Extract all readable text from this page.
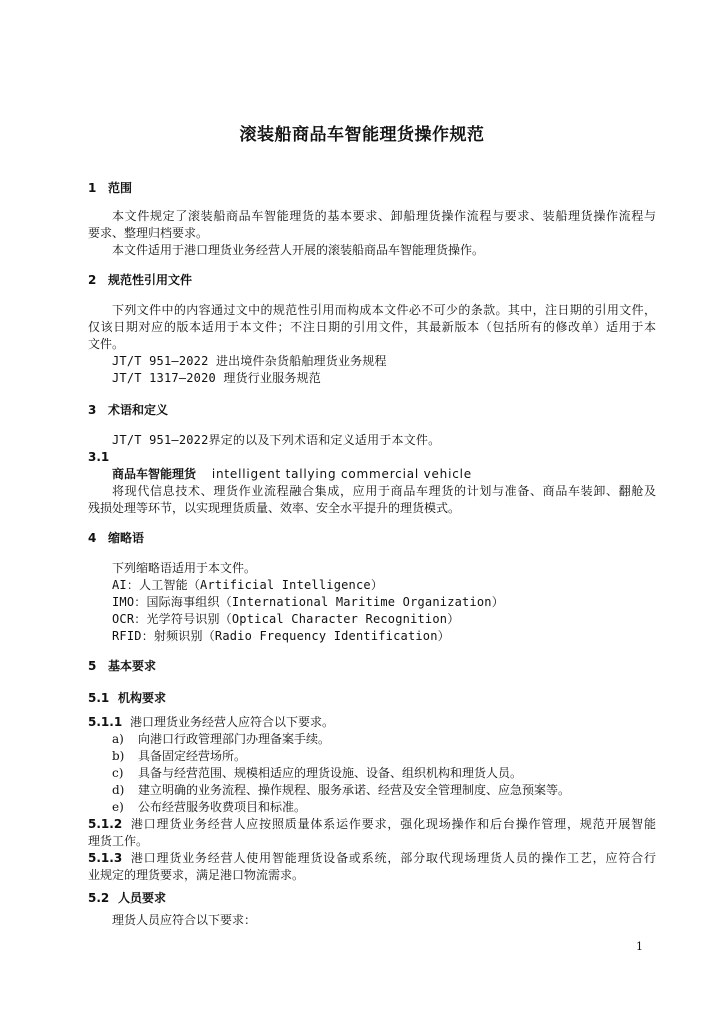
滚装船商品车智能理货操作规范
1 范围
本文件规定了滚装船商品车智能理货的基本要求、卸船理货操作流程与要求、装船理货操作流程与
要求、整理归档要求。
本文件适用于港口理货业务经营人开展的滚装船商品车智能理货操作。
2 规范性引用文件
下列文件中的内容通过文中的规范性引用而构成本文件必不可少的条款。其中，注日期的引用文件，
仅该日期对应的版本适用于本文件；不注日期的引用文件，其最新版本（包括所有的修改单）适用于本
文件。
JT/T 951—2022 进出境件杂货船舶理货业务规程
JT/T 1317—2020 理货行业服务规范
3 术语和定义
JT/T 951—2022界定的以及下列术语和定义适用于本文件。
3.1
商品车智能理货 intelligent tallying commercial vehicle
将现代信息技术、理货作业流程融合集成，应用于商品车理货的计划与准备、商品车装卸、翻舱及
残损处理等环节，以实现理货质量、效率、安全水平提升的理货模式。
4 缩略语
下列缩略语适用于本文件。
AI：人工智能（Artificial Intelligence）
IMO：国际海事组织（International Maritime Organization）
OCR：光学符号识别（Optical Character Recognition）
RFID：射频识别（Radio Frequency Identification）
5 基本要求
5.1 机构要求
5.1.1 港口理货业务经营人应符合以下要求。
a) 向港口行政管理部门办理备案手续。
b) 具备固定经营场所。
c) 具备与经营范围、规模相适应的理货设施、设备、组织机构和理货人员。
d) 建立明确的业务流程、操作规程、服务承诺、经营及安全管理制度、应急预案等。
e) 公布经营服务收费项目和标准。
5.1.2 港口理货业务经营人应按照质量体系运作要求，强化现场操作和后台操作管理，规范开展智能
理货工作。
5.1.3 港口理货业务经营人使用智能理货设备或系统，部分取代现场理货人员的操作工艺，应符合行
业规定的理货要求，满足港口物流需求。
5.2 人员要求
理货人员应符合以下要求：
1
